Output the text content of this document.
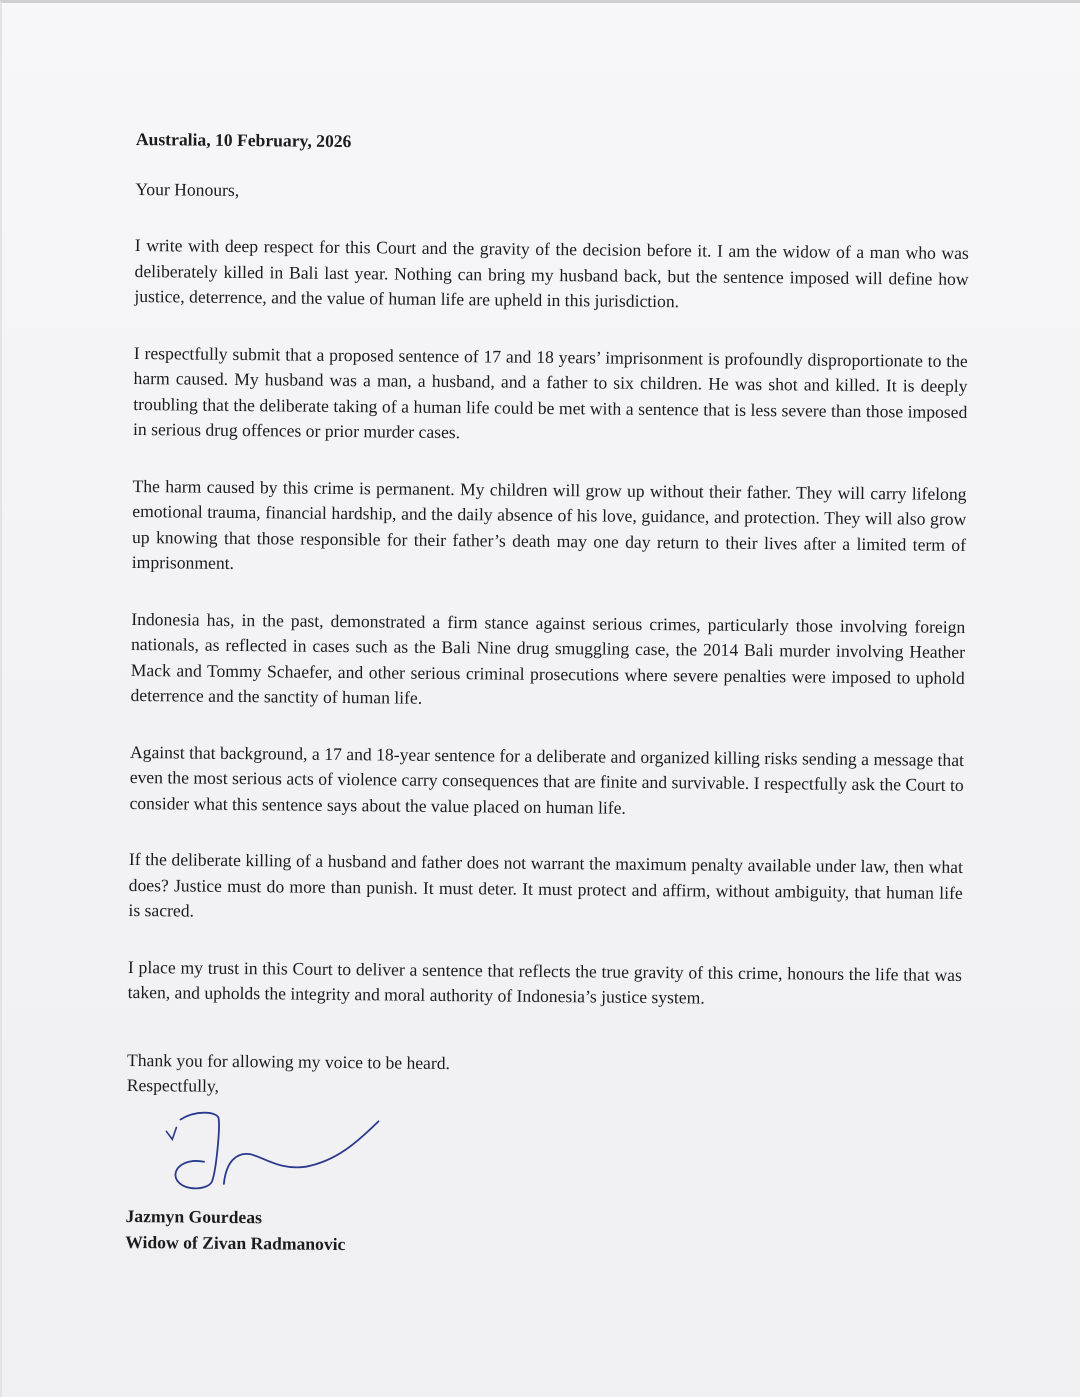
Australia, 10 February, 2026

Your Honours,

I write with deep respect for this Court and the gravity of the decision before it. I am the widow of a man who was deliberately killed in Bali last year. Nothing can bring my husband back, but the sentence imposed will define how justice, deterrence, and the value of human life are upheld in this jurisdiction.

I respectfully submit that a proposed sentence of 17 and 18 years’ imprisonment is profoundly disproportionate to the harm caused. My husband was a man, a husband, and a father to six children. He was shot and killed. It is deeply troubling that the deliberate taking of a human life could be met with a sentence that is less severe than those imposed in serious drug offences or prior murder cases.

The harm caused by this crime is permanent. My children will grow up without their father. They will carry lifelong emotional trauma, financial hardship, and the daily absence of his love, guidance, and protection. They will also grow up knowing that those responsible for their father’s death may one day return to their lives after a limited term of imprisonment.

Indonesia has, in the past, demonstrated a firm stance against serious crimes, particularly those involving foreign nationals, as reflected in cases such as the Bali Nine drug smuggling case, the 2014 Bali murder involving Heather Mack and Tommy Schaefer, and other serious criminal prosecutions where severe penalties were imposed to uphold deterrence and the sanctity of human life.

Against that background, a 17 and 18-year sentence for a deliberate and organized killing risks sending a message that even the most serious acts of violence carry consequences that are finite and survivable. I respectfully ask the Court to consider what this sentence says about the value placed on human life.

If the deliberate killing of a husband and father does not warrant the maximum penalty available under law, then what does? Justice must do more than punish. It must deter. It must protect and affirm, without ambiguity, that human life is sacred.

I place my trust in this Court to deliver a sentence that reflects the true gravity of this crime, honours the life that was taken, and upholds the integrity and moral authority of Indonesia’s justice system.

Thank you for allowing my voice to be heard.

Respectfully,

Jazmyn Gourdeas
Widow of Zivan Radmanovic
